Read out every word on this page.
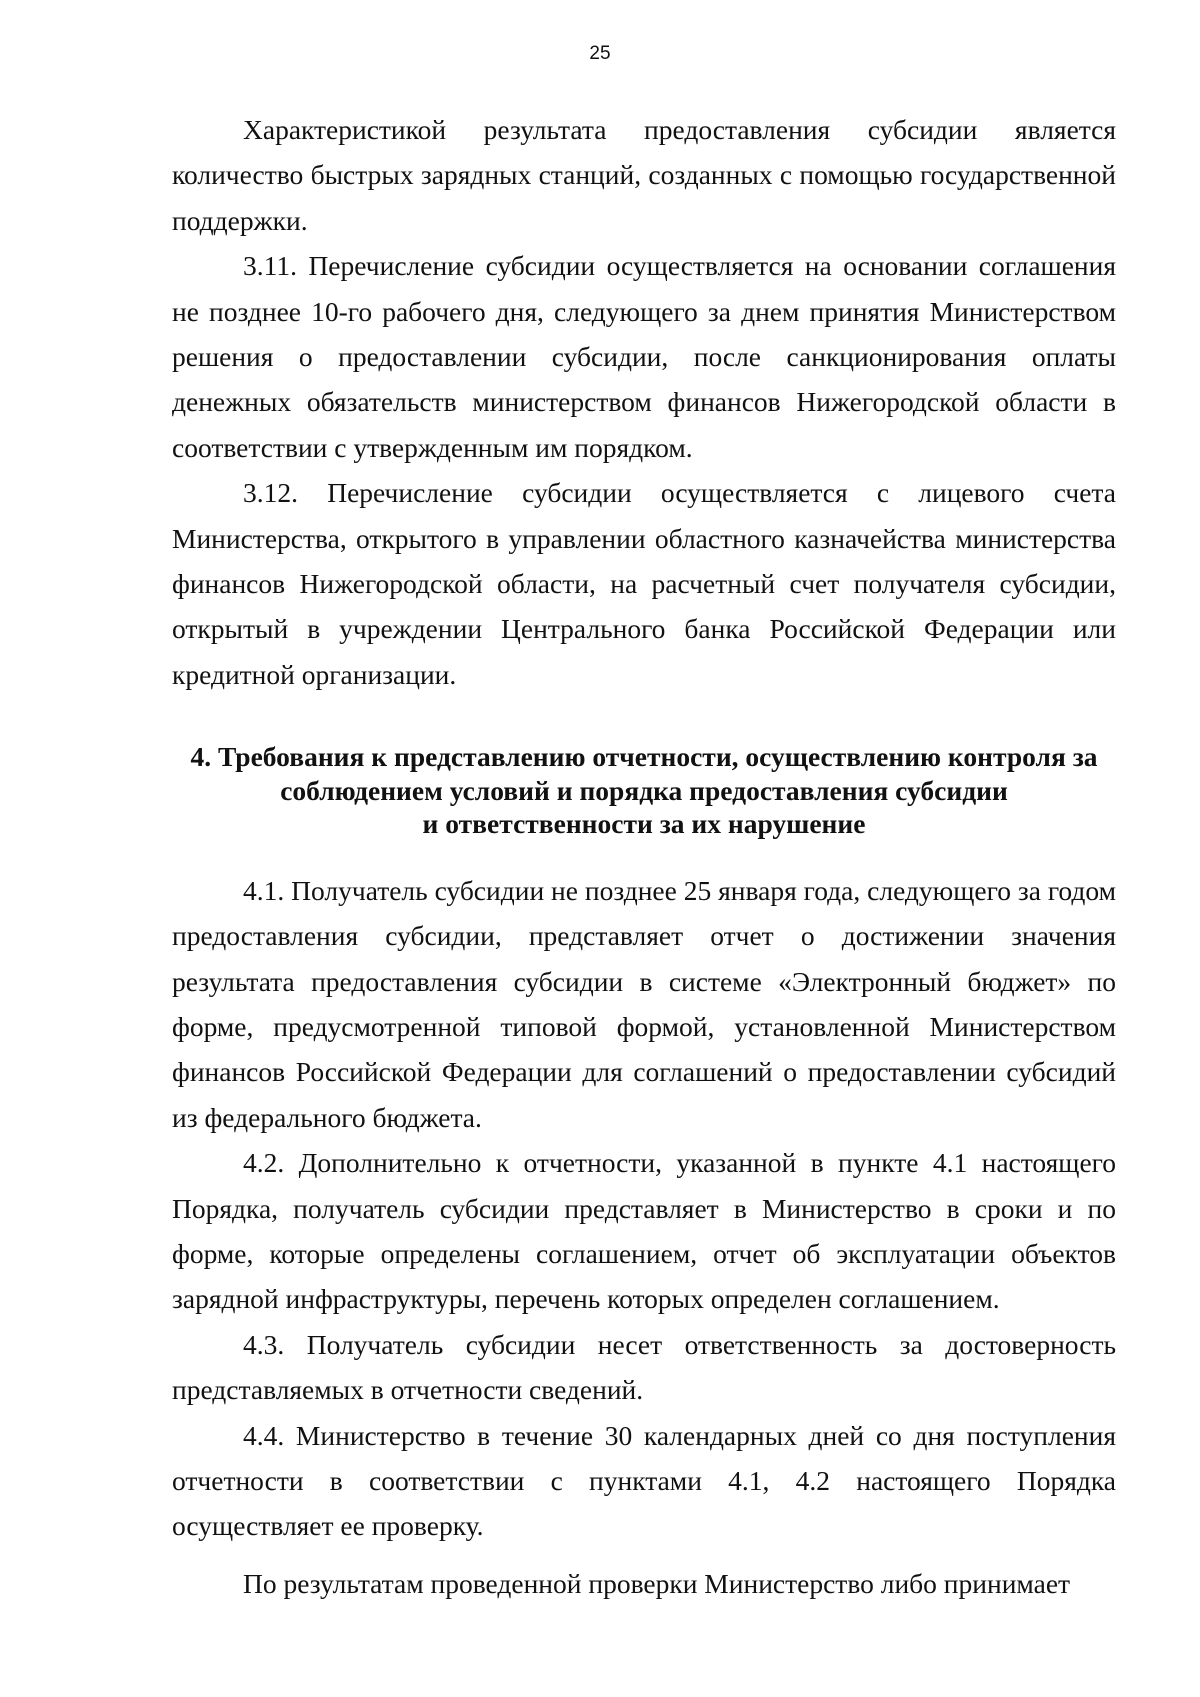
25

Характеристикой результата предоставления субсидии является количество быстрых зарядных станций, созданных с помощью государственной поддержки.

3.11. Перечисление субсидии осуществляется на основании соглашения не позднее 10-го рабочего дня, следующего за днем принятия Министерством решения о предоставлении субсидии, после санкционирования оплаты денежных обязательств министерством финансов Нижегородской области в соответствии с утвержденным им порядком.

3.12. Перечисление субсидии осуществляется с лицевого счета Министерства, открытого в управлении областного казначейства министерства финансов Нижегородской области, на расчетный счет получателя субсидии, открытый в учреждении Центрального банка Российской Федерации или кредитной организации.

4. Требования к представлению отчетности, осуществлению контроля за
соблюдением условий и порядка предоставления субсидии
и ответственности за их нарушение

4.1. Получатель субсидии не позднее 25 января года, следующего за годом предоставления субсидии, представляет отчет о достижении значения результата предоставления субсидии в системе «Электронный бюджет» по форме, предусмотренной типовой формой, установленной Министерством финансов Российской Федерации для соглашений о предоставлении субсидий из федерального бюджета.

4.2. Дополнительно к отчетности, указанной в пункте 4.1 настоящего Порядка, получатель субсидии представляет в Министерство в сроки и по форме, которые определены соглашением, отчет об эксплуатации объектов зарядной инфраструктуры, перечень которых определен соглашением.

4.3. Получатель субсидии несет ответственность за достоверность представляемых в отчетности сведений.

4.4. Министерство в течение 30 календарных дней со дня поступления отчетности в соответствии с пунктами 4.1, 4.2 настоящего Порядка осуществляет ее проверку.

По результатам проведенной проверки Министерство либо принимает
